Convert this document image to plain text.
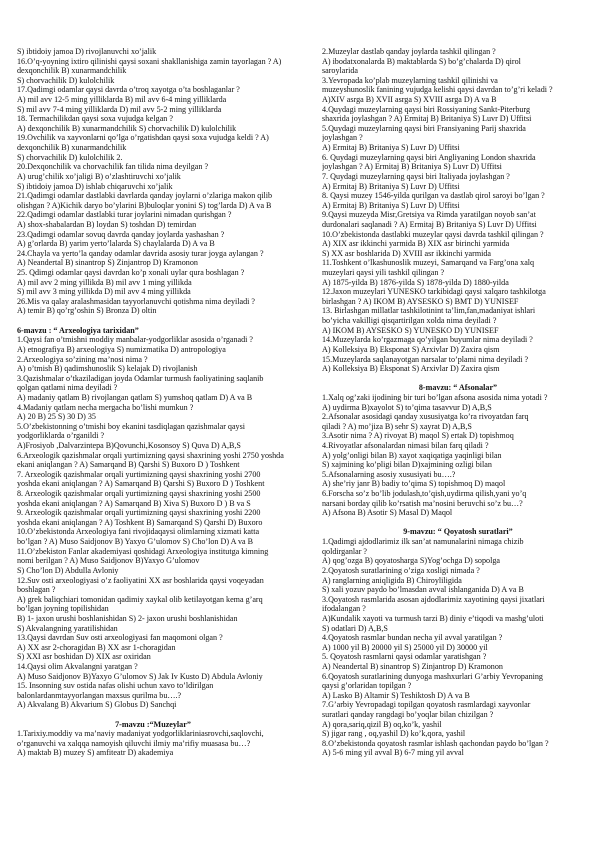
S) ibtidoiy jamoa D) rivojlanuvchi xo’jalik
16.O’q-yoyning ixtiro qilinishi qaysi soxani shakllanishiga zamin tayorlagan ? A)
dexqonchilik B) xunarmandchilik
S) chorvachilik D) kulolchilik
17.Qadimgi odamlar qaysi davrda o’troq xayotga o’ta boshlaganlar ?
A) mil avv 12-5 ming yilliklarda B) mil avv 6-4 ming yilliklarda
S) mil avv 7-4 ming yilliklarda D) mil avv 5-2 ming yilliklarda
18. Termachilikdan qaysi soxa vujudga kelgan ?
A) dexqonchilik B) xunarmandchilik S) chorvachilik D) kulolchilik
19.Ovchilik va xayvonlarni qo’lga o’rgatishdan qaysi soxa vujudga keldi ? A)
dexqonchilik B) xunarmandchilik
S) chorvachilik D) kulolchilik 2.
20.Dexqonchilik va chorvachilik fan tilida nima deyilgan ?
A) urug’chilik xo’jaligi B) o’zlashtiruvchi xo’jalik
S) ibtidoiy jamoa D) ishlab chiqaruvchi xo’jalik
21.Qadimgi odamlar dastlabki davrlarda qanday joylarni o’zlariga makon qilib
olishgan ? A)Kichik daryo bo’ylarini B)buloqlar yonini S) tog’larda D) A va B
22.Qadimgi odamlar dastlabki turar joylarini nimadan qurishgan ?
A) shox-shabalardan B) loydan S) toshdan D) temirdan
23.Qadimgi odamlar sovuq davrda qanday joylarda yashashan ?
A) g’orlarda B) yarim yerto’lalarda S) chaylalarda D) A va B
24.Chayla va yerto’la qanday odamlar davrida asosiy turar joyga aylangan ?
A) Neandertal B) sinantrop S) Zinjantrop D) Kramonon
25. Qdimgi odamlar qaysi davrdan ko’p xonali uylar qura boshlagan ?
A) mil avv 2 ming yillikda B) mil avv 1 ming yillikda
S) mil avv 3 ming yillikda D) mil avv 4 ming yillikda
26.Mis va qalay aralashmasidan tayyorlanuvchi qotishma nima deyiladi ?
A) temir B) qo’rg’oshin S) Bronza D) oltin
6-mavzu : “ Arxeologiya tarixidan”
1.Qaysi fan o’tmishni moddiy manbalar-yodgorliklar asosida o’rganadi ?
A) etnografiya B) arxeologiya S) numizmatika D) antropologiya
2.Arxeologiya so’zining ma’nosi nima ?
A) o’tmish B) qadimshunoslik S) kelajak D) rivojlanish
3.Qazishmalar o’tkaziladigan joyda Odamlar turmush faoliyatining saqlanib
qolgan qatlami nima deyiladi ?
A) madaniy qatlam B) rivojlangan qatlam S) yumshoq qatlam D) A va B
4.Madaniy qatlam necha mergacha bo’lishi mumkun ?
A) 20 B) 25 S) 30 D) 35
5.O’zbekistonning o’tmishi boy ekanini tasdiqlagan qazishmalar qaysi
yodgorliklarda o’rganildi ?
A)Frosiyob ,Dalvarzintepa B)Qovunchi,Kosonsoy S) Quva D) A,B,S
6.Arxeologik qazishmalar orqali yurtimizning qaysi shaxrining yoshi 2750 yoshda
ekani aniqlangan ? A) Samarqand B) Qarshi S) Buxoro D ) Toshkent
7. Arxeologik qazishmalar orqali yurtimizning qaysi shaxrining yoshi 2700
yoshda ekani aniqlangan ? A) Samarqand B) Qarshi S) Buxoro D ) Toshkent
8. Arxeologik qazishmalar orqali yurtimizning qaysi shaxrining yoshi 2500
yoshda ekani aniqlangan ? A) Samarqand B) Xiva S) Buxoro D ) B va S
9. Arxeologik qazishmalar orqali yurtimizning qaysi shaxrining yoshi 2200
yoshda ekani aniqlangan ? A) Toshkent B) Samarqand S) Qarshi D) Buxoro
10.O’zbekistonda Arxeologiya fani rivojidaqaysi olimlarning xizmati katta
bo’lgan ? A) Muso Saidjonov B) Yaxyo G’ulomov S) Cho’lon D) A va B
11.O’zbekiston Fanlar akademiyasi qoshidagi Arxeologiya institutga kimning
nomi berilgan ? A) Muso Saidjonov B)Yaxyo G’ulomov
S) Cho’lon D) Abdulla Avloniy
12.Suv osti arxeologiyasi o’z faoliyatini XX asr boshlarida qaysi voqeyadan
boshlagan ?
A) grek baliqchiari tomonidan qadimiy xaykal olib ketilayotgan kema g’arq
bo’lgan joyning topilishidan
B) 1- jaxon urushi boshlanishidan S) 2- jaxon urushi boshlanishidan
S) Akvalangning yaratilishidan
13.Qaysi davrdan Suv osti arxeologiyasi fan maqomoni olgan ?
A) XX asr 2-choragidan B) XX asr 1-choragidan
S) XXI asr boshidan D) XIX asr oxiridan
14.Qaysi olim Akvalangni yaratgan ?
A) Muso Saidjonov B)Yaxyo G’ulomov S) Jak Iv Kusto D) Abdula Avloniy
15. Insonning suv ostida nafas olishi uchun xavo to’ldirilgan
balonlardanmtayyorlangan maxsus qurilma bu….?
A) Akvalang B) Akvarium S) Globus D) Sanchqi
7-mavzu :“Muzeylar”
1.Tarixiy.moddiy va ma’naviy madaniyat yodgorliklariniasrovchi,saqlovchi,
o’rganuvchi va xalqqa namoyish qiluvchi ilmiy ma’rifiy muasasa bu…?
A) maktab B) muzey S) amfiteatr D) akademiya
2.Muzeylar dastlab qanday joylarda tashkil qilingan ?
A) ibodatxonalarda B) maktablarda S) bo’g’chalarda D) qirol
saroylarida
3.Yevropada ko’plab muzeylarning tashkil qilinishi va
muzeyshunoslik fanining vujudga kelishi qaysi davrdan to’g’ri keladi ?
A)XIV asrga B) XVII asrga S) XVIII asrga D) A va B
4.Quydagi muzeylarning qaysi biri Rossiyaning Sankt-Piterburg
shaxrida joylashgan ? A) Ermitaj B) Britaniya S) Luvr D) Uffitsi
5.Quydagi muzeylarning qaysi biri Fransiyaning Parij shaxrida
joylashgan ?
A) Ermitaj B) Britaniya S) Luvr D) Uffitsi
6. Quydagi muzeylarning qaysi biri Angliyaning London shaxrida
joylashgan ? A) Ermitaj B) Britaniya S) Luvr D) Uffitsi
7. Quydagi muzeylarning qaysi biri Italiyada joylashgan ?
A) Ermitaj B) Britaniya S) Luvr D) Uffitsi
8. Qaysi muzey 1546-yilda qurilgan va dastlab qirol saroyi bo’lgan ?
A) Ermitaj B) Britaniya S) Luvr D) Uffitsi
9.Qaysi muzeyda Misr,Gretsiya va Rimda yaratilgan noyob san’at
durdonalari saqlanadi ? A) Ermitaj B) Britaniya S) Luvr D) Uffitsi
10.O’zbekistonda dastlabki muzeylar qaysi davrda tashkil qilingan ?
A) XIX asr ikkinchi yarmida B) XIX asr birinchi yarmida
S) XX asr boshlarida D) XVIII asr ikkinchi yarmida
11.Toshkent o’lkashunoslik muzeyi, Samarqand va Farg’ona xalq
muzeylari qaysi yili tashkil qilingan ?
A) 1875-yilda B) 1876-yilda S) 1878-yilda D) 1880-yilda
12.Jaxon muzeylari YUNESKO tarkibidagi qaysi xalqaro tashkilotga
birlashgan ? A) IKOM B) AYSESKO S) BMT D) YUNISEF
13. Birlashgan millatlar tashkilotinint ta’lim,fan,madaniyat ishlari
bo’yicha vakilligi qisqartirilgan xolda nima deyiladi ?
A) IKOM B) AYSESKO S) YUNESKO D) YUNISEF
14.Muzeylarda ko’rgazmaga qo’yilgan buyumlar nima deyiladi ?
A) Kolleksiya B) Eksponat S) Arxivlar D) Zaxira qism
15.Muzeylarda saqlanayotgan narsalar to’plami nima deyiladi ?
A) Kolleksiya B) Eksponat S) Arxivlar D) Zaxira qism
8-mavzu: “ Afsonalar”
1.Xalq og’zaki ijodining bir turi bo’lgan afsona asosida nima yotadi ?
A) uydirma B)xayolot S) to’qima tasavvur D) A,B,S
2.Afsonalar asosidagi qanday xususiyatga ko’ra rivoyatdan farq
qiladi ? A) mo’jiza B) sehr S) xayrat D) A,B,S
3.Asotir nima ? A) rivoyat B) maqol S) ertak D) topishmoq
4.Rivoyatlar afsonalardan nimasi bilan farq qiladi ?
A) yolg’onligi bilan B) xayot xaqiqatiga yaqinligi bilan
S) xajmining ko’pligi bilan D)xajmining ozligi bilan
5.Afsonalarning asosiy xususiyati bu….?
A) she’riy janr B) badiy to’qima S) topishmoq D) maqol
6.Forscha so’z bo’lib jodulash,to’qish,uydirma qilish,yani yo’q
narsani borday qilib ko’rsatish ma’nosini beruvchi so’z bu…?
A) Afsona B) Asotir S) Masal D) Maqol
9-mavzu: “ Qoyatosh suratlari”
1.Qadimgi ajdodlarimiz ilk san’at namunalarini nimaga chizib
qoldirganlar ?
A) qog’ozga B) qoyatosharga S)Yog’ochga D) sopolga
2.Qoyatosh suratlarining o’ziga xosligi nimada ?
A) ranglarning aniqligida B) Chiroyliligida
S) xali yozuv paydo bo’lmasdan avval ishlanganida D) A va B
3.Qoyatosh rasmlarida asosan ajdodlarimiz xayotining qaysi jixatlari
ifodalangan ?
A)Kundalik xayoti va turmush tarzi B) diniy e’tiqodi va mashg’uloti
S) odatlari D) A,B,S
4.Qoyatosh rasmlar bundan necha yil avval yaratilgan ?
A) 1000 yil B) 20000 yil S) 25000 yil D) 30000 yil
5. Qoyatosh rasmlarni qaysi odamlar yaratishgan ?
A) Neandertal B) sinantrop S) Zinjantrop D) Kramonon
6.Qoyatosh suratlarining dunyoga mashxurlari G’arbiy Yevropaning
qaysi g’orlaridan topilgan ?
A) Lasko B) Altamir S) Teshiktosh D) A va B
7.G’arbiy Yevropadagi topilgan qoyatosh rasmlardagi xayvonlar
suratlari qanday rangdagi bo’yoqlar bilan chizilgan ?
A) qora,sariq,qizil B) oq,ko’k, yashil
S) jigar rang , oq,yashil D) ko’k,qora, yashil
8.O’zbekistonda qoyatosh rasmlar ishlash qachondan paydo bo’lgan ?
A) 5-6 ming yil avval B) 6-7 ming yil avval
